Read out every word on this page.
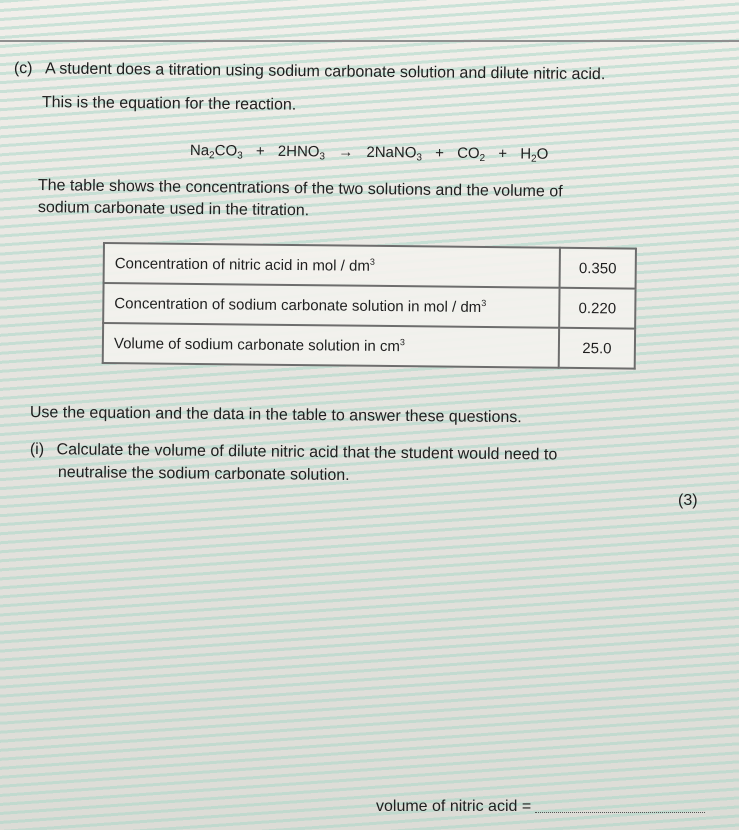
(c) A student does a titration using sodium carbonate solution and dilute nitric acid.
This is the equation for the reaction.
$Na_2CO_3 + 2HNO_3$ → 2NaNO$_3$ + $CO_2 + H_2O$
The table shows the concentrations of the two solutions and the volume of
sodium carbonate used in the titration.
Concentration of nitric acid in mol / $dm^3$	0.350
Concentration of sodium carbonate solution in mol / $dm^3$	0.220
Volume of sodium carbonate solution in $cm^3$	25.0
Use the equation and the data in the table to answer these questions.
(i) Calculate the volume of dilute nitric acid that the student would need to
neutralise the sodium carbonate solution.
(3)
volume of nitric acid =
